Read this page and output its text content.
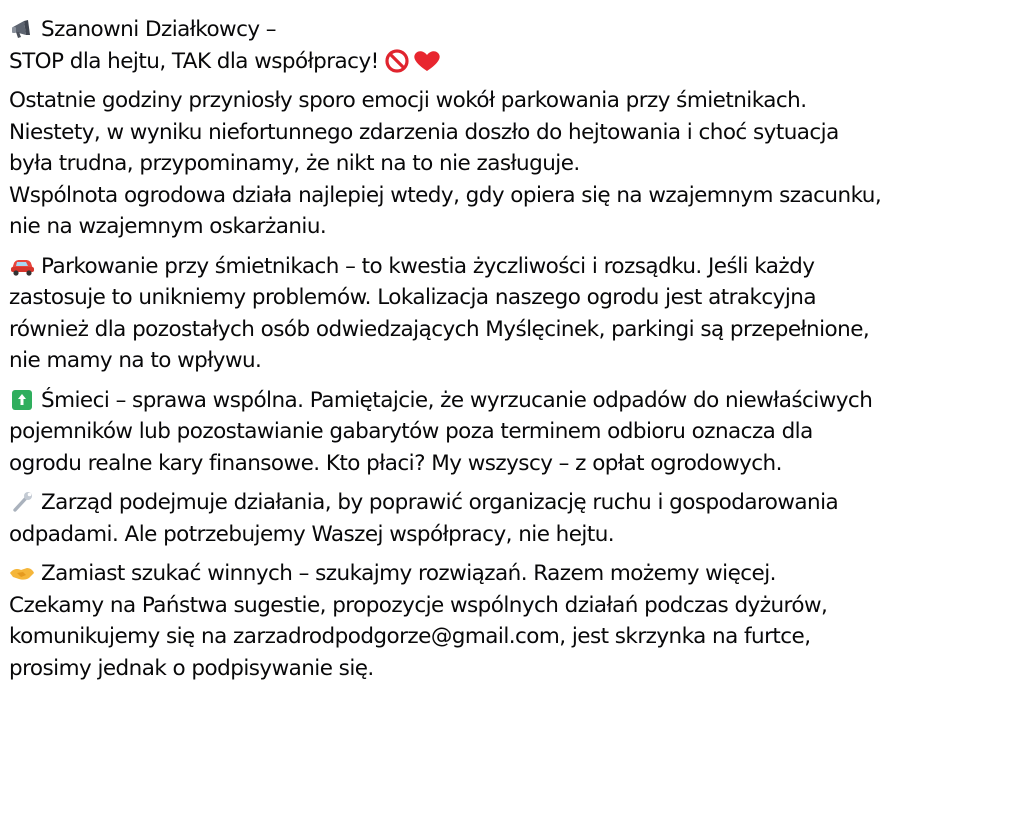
Szanowni Działkowcy –
STOP dla hejtu, TAK dla współpracy!
Ostatnie godziny przyniosły sporo emocji wokół parkowania przy śmietnikach.
Niestety, w wyniku niefortunnego zdarzenia doszło do hejtowania i choć sytuacja
była trudna, przypominamy, że nikt na to nie zasługuje.
Wspólnota ogrodowa działa najlepiej wtedy, gdy opiera się na wzajemnym szacunku,
nie na wzajemnym oskarżaniu.
Parkowanie przy śmietnikach – to kwestia życzliwości i rozsądku. Jeśli każdy
zastosuje to unikniemy problemów. Lokalizacja naszego ogrodu jest atrakcyjna
również dla pozostałych osób odwiedzających Myślęcinek, parkingi są przepełnione,
nie mamy na to wpływu.
Śmieci – sprawa wspólna. Pamiętajcie, że wyrzucanie odpadów do niewłaściwych
pojemników lub pozostawianie gabarytów poza terminem odbioru oznacza dla
ogrodu realne kary finansowe. Kto płaci? My wszyscy – z opłat ogrodowych.
Zarząd podejmuje działania, by poprawić organizację ruchu i gospodarowania
odpadami. Ale potrzebujemy Waszej współpracy, nie hejtu.
Zamiast szukać winnych – szukajmy rozwiązań. Razem możemy więcej.
Czekamy na Państwa sugestie, propozycje wspólnych działań podczas dyżurów,
komunikujemy się na zarzadrodpodgorze@gmail.com, jest skrzynka na furtce,
prosimy jednak o podpisywanie się.
